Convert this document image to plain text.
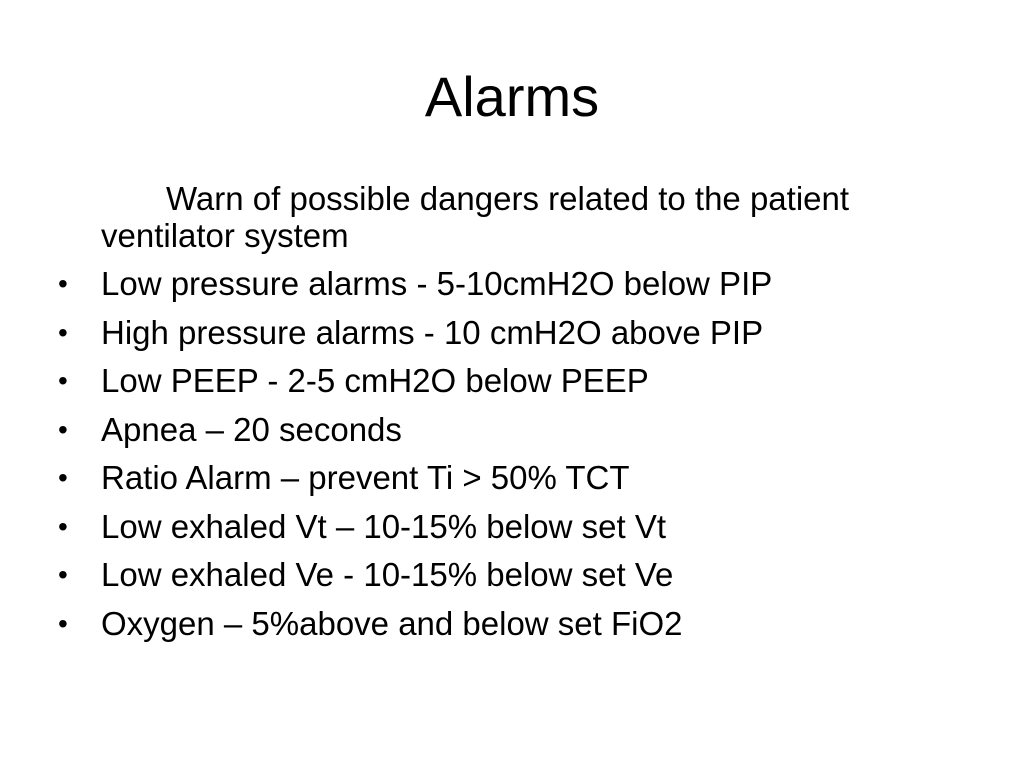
Alarms

Warn of possible dangers related to the patient ventilator system

• Low pressure alarms - 5-10cmH2O below PIP
• High pressure alarms - 10 cmH2O above PIP
• Low PEEP - 2-5 cmH2O below PEEP
• Apnea – 20 seconds
• Ratio Alarm – prevent Ti > 50% TCT
• Low exhaled Vt – 10-15% below set Vt
• Low exhaled Ve - 10-15% below set Ve
• Oxygen – 5%above and below set FiO2
